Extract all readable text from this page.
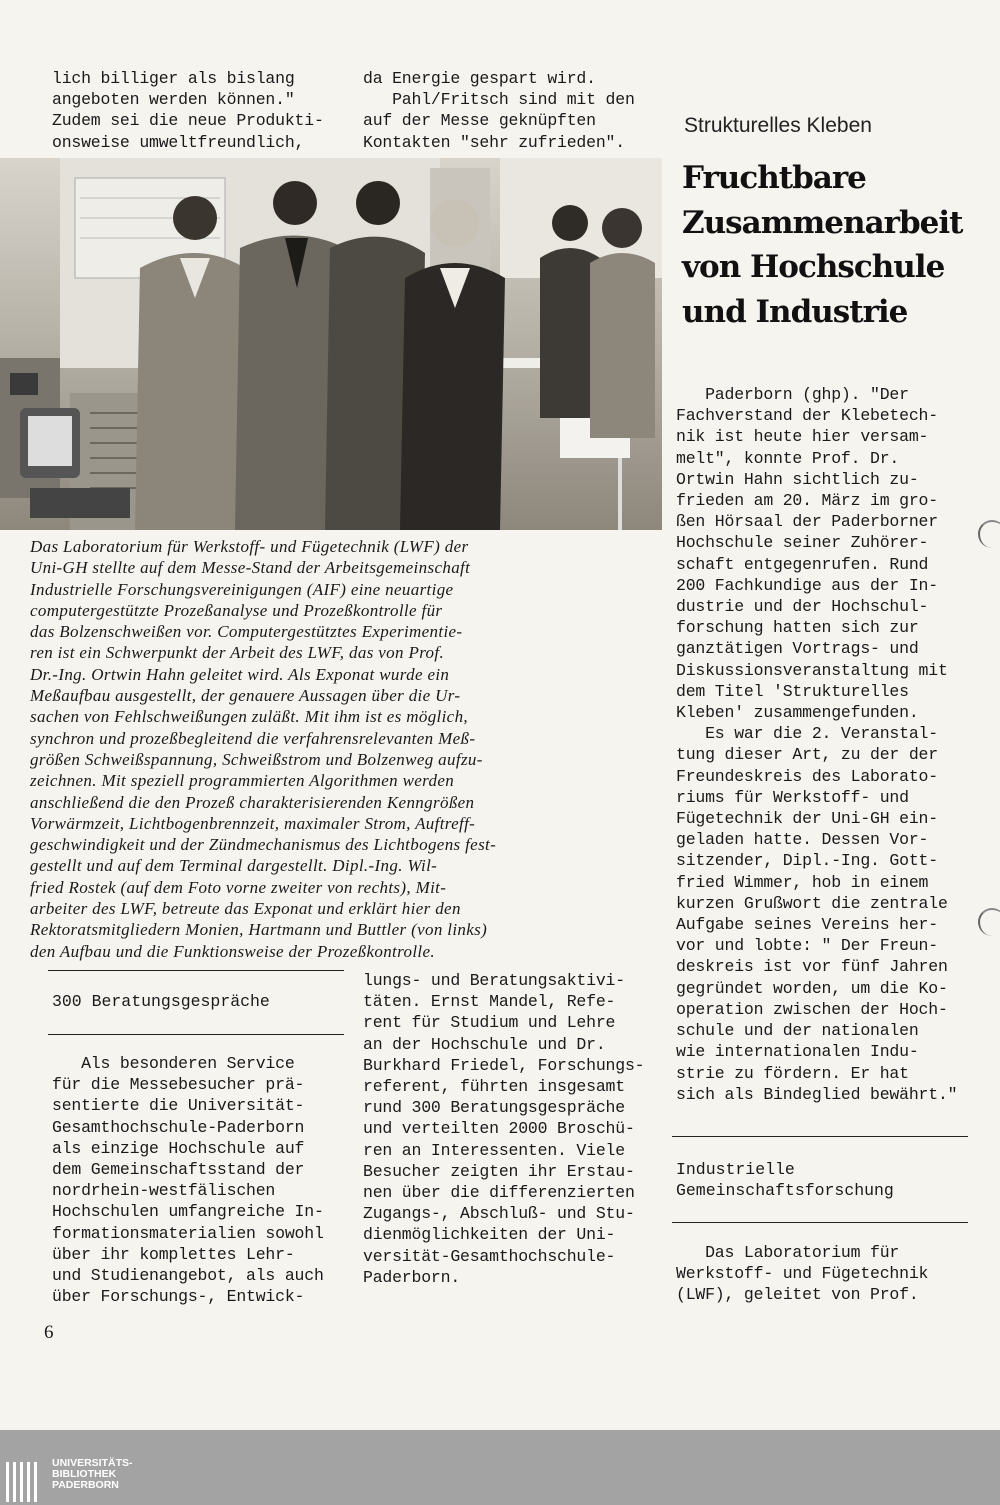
lich billiger als bislang
angeboten werden können."
Zudem sei die neue Produkti-
onsweise umweltfreundlich,
da Energie gespart wird.
Pahl/Fritsch sind mit den
auf der Messe geknüpften
Kontakten "sehr zufrieden".
Das Laboratorium für Werkstoff- und Fügetechnik (LWF) der
Uni-GH stellte auf dem Messe-Stand der Arbeitsgemeinschaft
Industrielle Forschungsvereinigungen (AIF) eine neuartige
computergestützte Prozeßanalyse und Prozeßkontrolle für
das Bolzenschweißen vor. Computergestütztes Experimentie-
ren ist ein Schwerpunkt der Arbeit des LWF, das von Prof.
Dr.-Ing. Ortwin Hahn geleitet wird. Als Exponat wurde ein
Meßaufbau ausgestellt, der genauere Aussagen über die Ur-
sachen von Fehlschweißungen zuläßt. Mit ihm ist es möglich,
synchron und prozeßbegleitend die verfahrensrelevanten Meß-
größen Schweißspannung, Schweißstrom und Bolzenweg aufzu-
zeichnen. Mit speziell programmierten Algorithmen werden
anschließend die den Prozeß charakterisierenden Kenngrößen
Vorwärmzeit, Lichtbogenbrennzeit, maximaler Strom, Auftreff-
geschwindigkeit und der Zündmechanismus des Lichtbogens fest-
gestellt und auf dem Terminal dargestellt. Dipl.-Ing. Wil-
fried Rostek (auf dem Foto vorne zweiter von rechts), Mit-
arbeiter des LWF, betreute das Exponat und erklärt hier den
Rektoratsmitgliedern Monien, Hartmann und Buttler (von links)
den Aufbau und die Funktionsweise der Prozeßkontrolle.
300 Beratungsgespräche
Als besonderen Service
für die Messebesucher prä-
sentierte die Universität-
Gesamthochschule-Paderborn
als einzige Hochschule auf
dem Gemeinschaftsstand der
nordrhein-westfälischen
Hochschulen umfangreiche In-
formationsmaterialien sowohl
über ihr komplettes Lehr-
und Studienangebot, als auch
über Forschungs-, Entwick-
lungs- und Beratungsaktivi-
täten. Ernst Mandel, Refe-
rent für Studium und Lehre
an der Hochschule und Dr.
Burkhard Friedel, Forschungs-
referent, führten insgesamt
rund 300 Beratungsgespräche
und verteilten 2000 Broschü-
ren an Interessenten. Viele
Besucher zeigten ihr Erstau-
nen über die differenzierten
Zugangs-, Abschluß- und Stu-
dienmöglichkeiten der Uni-
versität-Gesamthochschule-
Paderborn.
Strukturelles Kleben
Fruchtbare
Zusammenarbeit
von Hochschule
und Industrie
Paderborn (ghp). "Der
Fachverstand der Klebetech-
nik ist heute hier versam-
melt", konnte Prof. Dr.
Ortwin Hahn sichtlich zu-
frieden am 20. März im gro-
ßen Hörsaal der Paderborner
Hochschule seiner Zuhörer-
schaft entgegenrufen. Rund
200 Fachkundige aus der In-
dustrie und der Hochschul-
forschung hatten sich zur
ganztätigen Vortrags- und
Diskussionsveranstaltung mit
dem Titel 'Strukturelles
Kleben' zusammengefunden.
Es war die 2. Veranstal-
tung dieser Art, zu der der
Freundeskreis des Laborato-
riums für Werkstoff- und
Fügetechnik der Uni-GH ein-
geladen hatte. Dessen Vor-
sitzender, Dipl.-Ing. Gott-
fried Wimmer, hob in einem
kurzen Grußwort die zentrale
Aufgabe seines Vereins her-
vor und lobte: " Der Freun-
deskreis ist vor fünf Jahren
gegründet worden, um die Ko-
operation zwischen der Hoch-
schule und der nationalen
wie internationalen Indu-
strie zu fördern. Er hat
sich als Bindeglied bewährt."
Industrielle
Gemeinschaftsforschung
Das Laboratorium für
Werkstoff- und Fügetechnik
(LWF), geleitet von Prof.
6
UNIVERSITÄTS-
BIBLIOTHEK
PADERBORN
